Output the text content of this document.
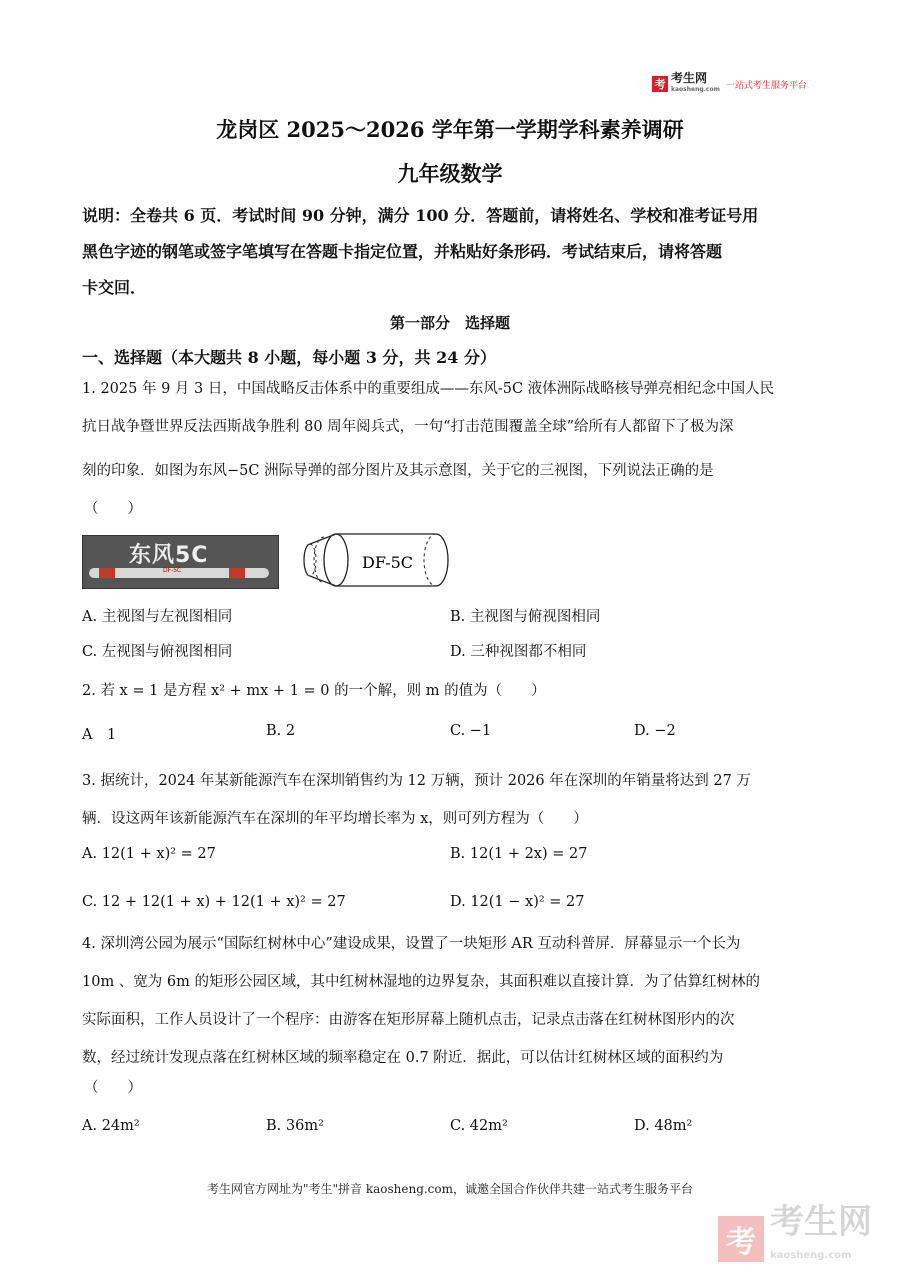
考 考生网
kaosheng.com 一站式考生服务平台
龙岗区 2025～2026 学年第一学期学科素养调研
九年级数学
说明：全卷共 6 页．考试时间 90 分钟，满分 100 分．答题前，请将姓名、学校和准考证号用
黑色字迹的钢笔或签字笔填写在答题卡指定位置，并粘贴好条形码．考试结束后，请将答题
卡交回．
第一部分　选择题
一、选择题（本大题共 8 小题，每小题 3 分，共 24 分）
1. 2025 年 9 月 3 日，中国战略反击体系中的重要组成——东风-5C 液体洲际战略核导弹亮相纪念中国人民
抗日战争暨世界反法西斯战争胜利 80 周年阅兵式，一句“打击范围覆盖全球”给所有人都留下了极为深
刻的印象．如图为东风−5C 洲际导弹的部分图片及其示意图，关于它的三视图，下列说法正确的是
（　　）
东风5C
DF-5C	DF-5C
A. 主视图与左视图相同	B. 主视图与俯视图相同
C. 左视图与俯视图相同	D. 三种视图都不相同
2. 若 x = 1 是方程 x² + mx + 1 = 0 的一个解，则 m 的值为（　　）
A　1	B. 2	C. −1	D. −2
3. 据统计，2024 年某新能源汽车在深圳销售约为 12 万辆，预计 2026 年在深圳的年销量将达到 27 万
辆．设这两年该新能源汽车在深圳的年平均增长率为 x，则可列方程为（　　）
A. 12(1 + x)² = 27	B. 12(1 + 2x) = 27
C. 12 + 12(1 + x) + 12(1 + x)² = 27	D. 12(1 − x)² = 27
4. 深圳湾公园为展示“国际红树林中心”建设成果，设置了一块矩形 AR 互动科普屏．屏幕显示一个长为
10m 、宽为 6m 的矩形公园区域，其中红树林湿地的边界复杂，其面积难以直接计算．为了估算红树林的
实际面积，工作人员设计了一个程序：由游客在矩形屏幕上随机点击，记录点击落在红树林图形内的次
数，经过统计发现点落在红树林区域的频率稳定在 0.7 附近．据此，可以估计红树林区域的面积约为
（　　）
A. 24m²	B. 36m²	C. 42m²	D. 48m²
考生网官方网址为"考生"拼音 kaosheng.com，诚邀全国合作伙伴共建一站式考生服务平台
考
考生网
kaosheng.com
